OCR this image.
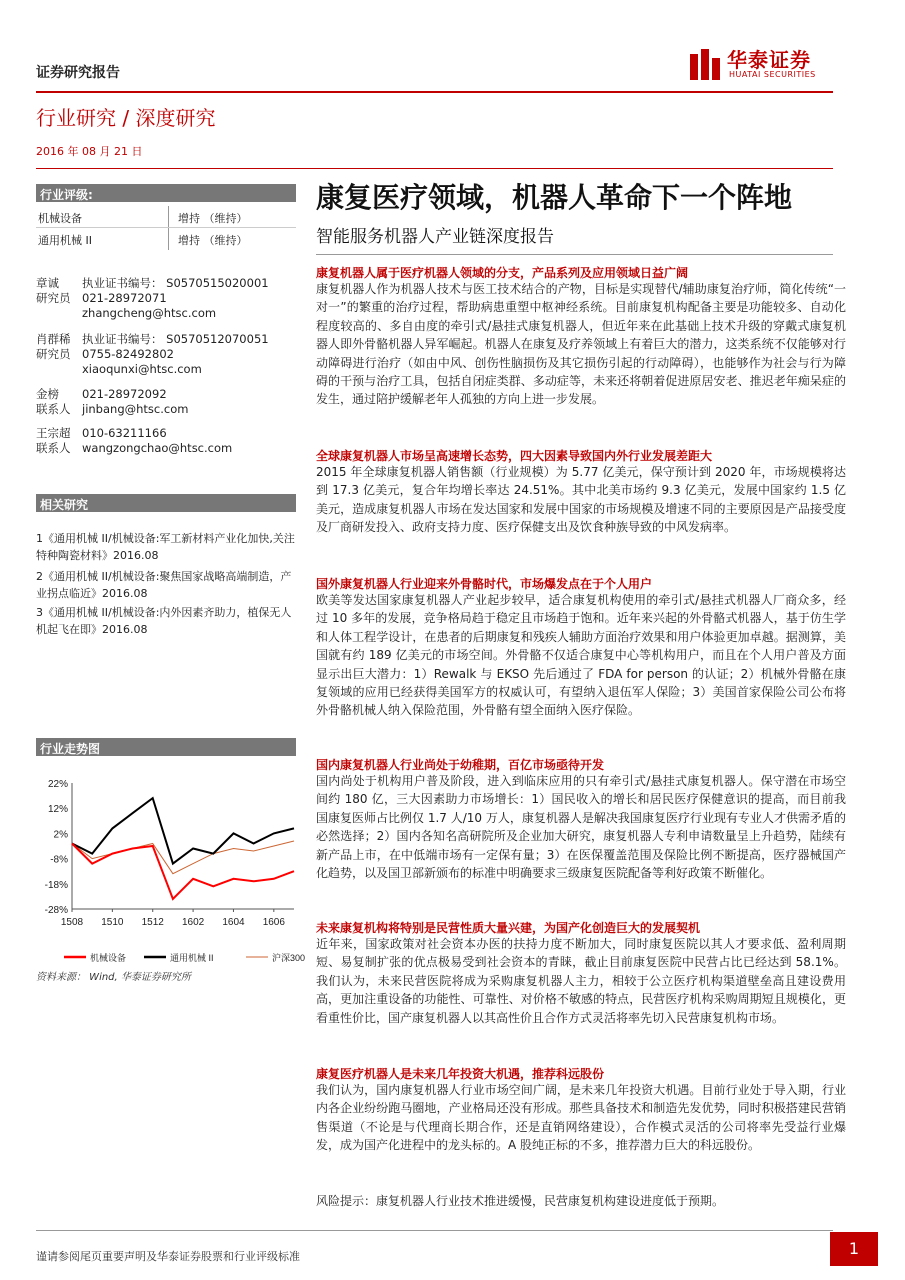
证券研究报告
华泰证券
HUATAI SECURITIES
行业研究 / 深度研究
2016 年 08 月 21 日
行业评级:
机械设备	增持 （维持）
通用机械 II	增持 （维持）
章诚
研究员
执业证书编号： S0570515020001
021-28972071
zhangcheng@htsc.com
肖群稀
研究员
执业证书编号： S0570512070051
0755-82492802
xiaoqunxi@htsc.com
金榜
联系人
021-28972092
jinbang@htsc.com
王宗超
联系人
010-63211166
wangzongchao@htsc.com
相关研究
1《通用机械 II/机械设备:军工新材料产业化加快,关注特种陶瓷材料》2016.08
2《通用机械 II/机械设备:聚焦国家战略高端制造，产业拐点临近》2016.08
3《通用机械 II/机械设备:内外因素齐助力，植保无人机起飞在即》2016.08
行业走势图
22%
12%
2%
-8%
-18%
-28%
1508 1510 1512 1602 1604 1606
机械设备	通用机械 II	沪深300
资料来源： Wind, 华泰证券研究所
康复医疗领域，机器人革命下一个阵地
智能服务机器人产业链深度报告
康复机器人属于医疗机器人领域的分支，产品系列及应用领域日益广阔
康复机器人作为机器人技术与医工技术结合的产物，目标是实现替代/辅助康复治疗师，简化传统“一对一”的繁重的治疗过程，帮助病患重塑中枢神经系统。目前康复机构配备主要是功能较多、自动化程度较高的、多自由度的牵引式/悬挂式康复机器人，但近年来在此基础上技术升级的穿戴式康复机器人即外骨骼机器人异军崛起。机器人在康复及疗养领域上有着巨大的潜力，这类系统不仅能够对行动障碍进行治疗（如由中风、创伤性脑损伤及其它损伤引起的行动障碍），也能够作为社会与行为障碍的干预与治疗工具，包括自闭症类群、多动症等，未来还将朝着促进原居安老、推迟老年痴呆症的发生，通过陪护缓解老年人孤独的方向上进一步发展。
全球康复机器人市场呈高速增长态势，四大因素导致国内外行业发展差距大
2015 年全球康复机器人销售额（行业规模）为 5.77 亿美元，保守预计到 2020 年，市场规模将达到 17.3 亿美元，复合年均增长率达 24.51%。其中北美市场约 9.3 亿美元，发展中国家约 1.5 亿美元，造成康复机器人市场在发达国家和发展中国家的市场规模及增速不同的主要原因是产品接受度及厂商研发投入、政府支持力度、医疗保健支出及饮食种族导致的中风发病率。
国外康复机器人行业迎来外骨骼时代，市场爆发点在于个人用户
欧美等发达国家康复机器人产业起步较早，适合康复机构使用的牵引式/悬挂式机器人厂商众多，经过 10 多年的发展，竞争格局趋于稳定且市场趋于饱和。近年来兴起的外骨骼式机器人，基于仿生学和人体工程学设计，在患者的后期康复和残疾人辅助方面治疗效果和用户体验更加卓越。据测算，美国就有约 189 亿美元的市场空间。外骨骼不仅适合康复中心等机构用户，而且在个人用户普及方面显示出巨大潜力：1）Rewalk 与 EKSO 先后通过了 FDA for person 的认证；2）机械外骨骼在康复领域的应用已经获得美国军方的权威认可，有望纳入退伍军人保险；3）美国首家保险公司公布将外骨骼机械人纳入保险范围，外骨骼有望全面纳入医疗保险。
国内康复机器人行业尚处于幼稚期，百亿市场亟待开发
国内尚处于机构用户普及阶段，进入到临床应用的只有牵引式/悬挂式康复机器人。保守潜在市场空间约 180 亿，三大因素助力市场增长：1）国民收入的增长和居民医疗保健意识的提高，而目前我国康复医师占比例仅 1.7 人/10 万人，康复机器人是解决我国康复医疗行业现有专业人才供需矛盾的必然选择；2）国内各知名高研院所及企业加大研究，康复机器人专利申请数量呈上升趋势，陆续有新产品上市，在中低端市场有一定保有量；3）在医保覆盖范围及保险比例不断提高，医疗器械国产化趋势，以及国卫部新颁布的标准中明确要求三级康复医院配备等利好政策不断催化。
未来康复机构将特别是民营性质大量兴建，为国产化创造巨大的发展契机
近年来，国家政策对社会资本办医的扶持力度不断加大，同时康复医院以其人才要求低、盈利周期短、易复制扩张的优点极易受到社会资本的青睐，截止目前康复医院中民营占比已经达到 58.1%。我们认为，未来民营医院将成为采购康复机器人主力，相较于公立医疗机构渠道壁垒高且建设费用高，更加注重设备的功能性、可靠性、对价格不敏感的特点，民营医疗机构采购周期短且规模化，更看重性价比，国产康复机器人以其高性价且合作方式灵活将率先切入民营康复机构市场。
康复医疗机器人是未来几年投资大机遇，推荐科远股份
我们认为，国内康复机器人行业市场空间广阔，是未来几年投资大机遇。目前行业处于导入期，行业内各企业纷纷跑马圈地，产业格局还没有形成。那些具备技术和制造先发优势，同时积极搭建民营销售渠道（不论是与代理商长期合作，还是直销网络建设），合作模式灵活的公司将率先受益行业爆发，成为国产化进程中的龙头标的。A 股纯正标的不多，推荐潜力巨大的科远股份。
风险提示：康复机器人行业技术推进缓慢，民营康复机构建设进度低于预期。
谨请参阅尾页重要声明及华泰证券股票和行业评级标准	1
